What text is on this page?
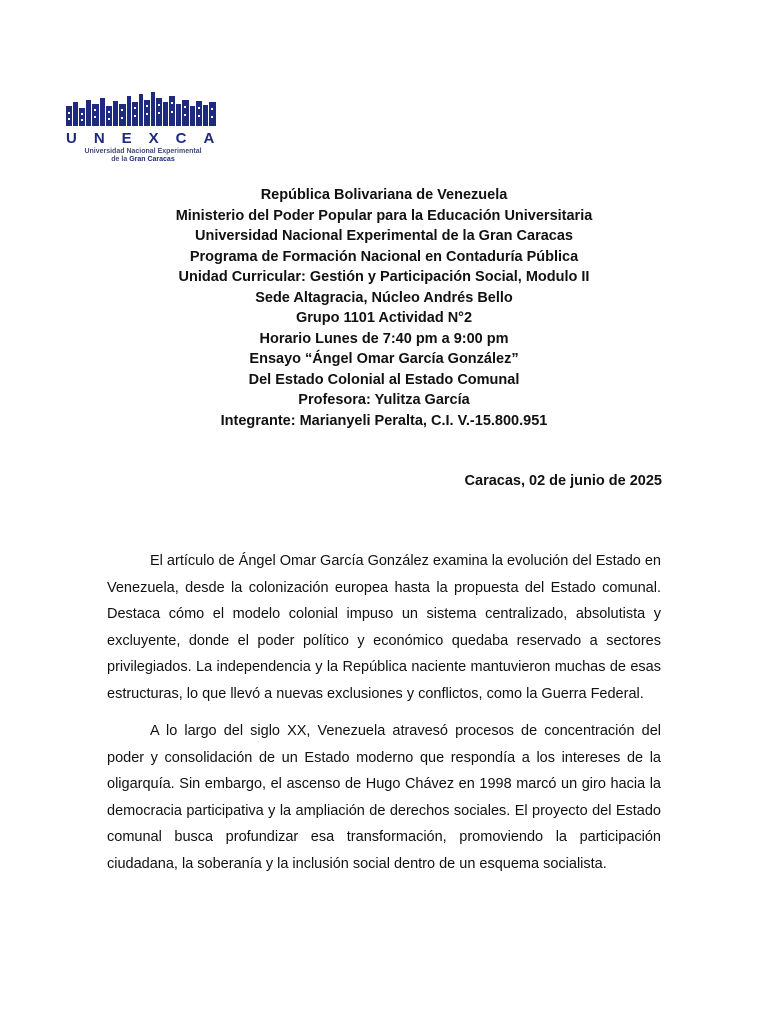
UNEXCA
Universidad Nacional Experimental
de la Gran Caracas
República Bolivariana de Venezuela
Ministerio del Poder Popular para la Educación Universitaria
Universidad Nacional Experimental de la Gran Caracas
Programa de Formación Nacional en Contaduría Pública
Unidad Curricular: Gestión y Participación Social, Modulo II
Sede Altagracia, Núcleo Andrés Bello
Grupo 1101 Actividad N°2
Horario Lunes de 7:40 pm a 9:00 pm
Ensayo “Ángel Omar García González”
Del Estado Colonial al Estado Comunal
Profesora: Yulitza García
Integrante: Marianyeli Peralta, C.I. V.-15.800.951
Caracas, 02 de junio de 2025

El artículo de Ángel Omar García González examina la evolución del Estado en Venezuela, desde la colonización europea hasta la propuesta del Estado comunal. Destaca cómo el modelo colonial impuso un sistema centralizado, absolutista y excluyente, donde el poder político y económico quedaba reservado a sectores privilegiados. La independencia y la República naciente mantuvieron muchas de esas estructuras, lo que llevó a nuevas exclusiones y conflictos, como la Guerra Federal.

A lo largo del siglo XX, Venezuela atravesó procesos de concentración del poder y consolidación de un Estado moderno que respondía a los intereses de la oligarquía. Sin embargo, el ascenso de Hugo Chávez en 1998 marcó un giro hacia la democracia participativa y la ampliación de derechos sociales. El proyecto del Estado comunal busca profundizar esa transformación, promoviendo la participación ciudadana, la soberanía y la inclusión social dentro de un esquema socialista.
